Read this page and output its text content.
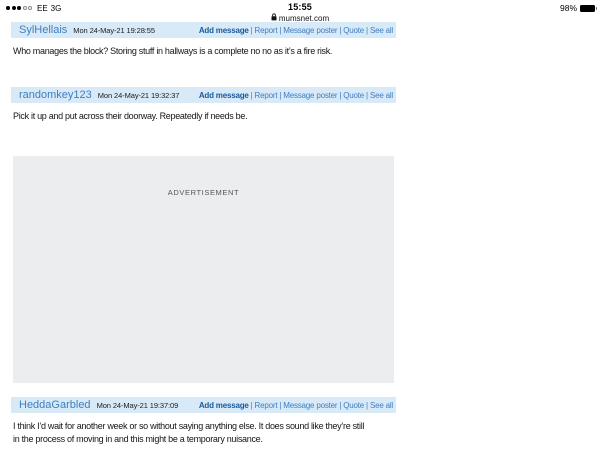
EE 3G	15:55
mumsnet.com
98%
SylHellais Mon 24-May-21 19:28:55	Add message | Report | Message poster | Quote | See all
Who manages the block? Storing stuff in hallways is a complete no no as it’s a fire risk.
randomkey123 Mon 24-May-21 19:32:37 Add message | Report | Message poster | Quote | See all
Pick it up and put across their doorway. Repeatedly if needs be.
HeddaGarbled Mon 24-May-21 19:37:09	Add message | Report | Message poster | Quote | See all
I think I’d wait for another week or so without saying anything else. It does sound like they’re still
in the process of moving in and this might be a temporary nuisance.
ADVERTISEMENT
